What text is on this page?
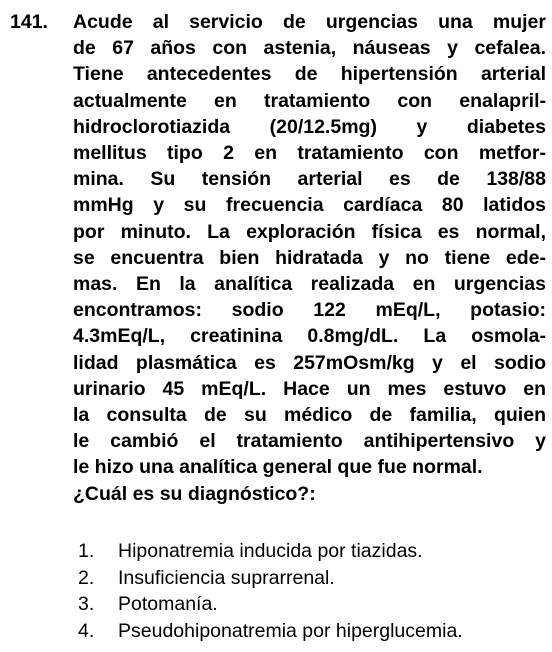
141. Acude al servicio de urgencias una mujer
de 67 años con astenia, náuseas y cefalea.
Tiene antecedentes de hipertensión arterial
actualmente en tratamiento con enalapril-
hidroclorotiazida (20/12.5mg) y diabetes
mellitus tipo 2 en tratamiento con metfor-
mina. Su tensión arterial es de 138/88
mmHg y su frecuencia cardíaca 80 latidos
por minuto. La exploración física es normal,
se encuentra bien hidratada y no tiene ede-
mas. En la analítica realizada en urgencias
encontramos: sodio 122 mEq/L, potasio:
4.3mEq/L, creatinina 0.8mg/dL. La osmola-
lidad plasmática es 257mOsm/kg y el sodio
urinario 45 mEq/L. Hace un mes estuvo en
la consulta de su médico de familia, quien
le cambió el tratamiento antihipertensivo y
le hizo una analítica general que fue normal.
¿Cuál es su diagnóstico?:
1.	Hiponatremia inducida por tiazidas.
2.	Insuficiencia suprarrenal.
3.	Potomanía.
4.	Pseudohiponatremia por hiperglucemia.
